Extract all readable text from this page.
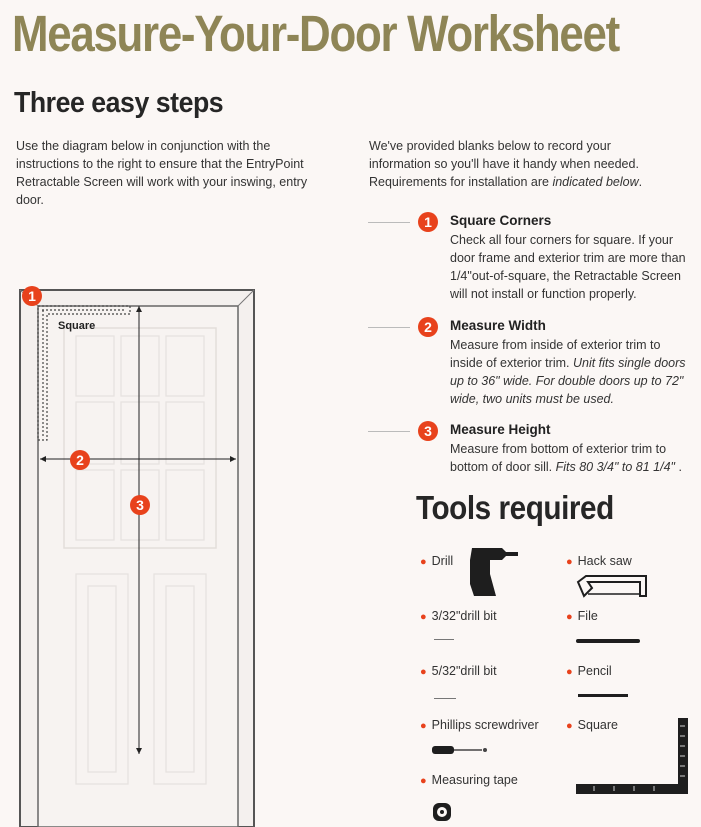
Measure-Your-Door Worksheet
Three easy steps
Use the diagram below in conjunction with the instructions to the right to ensure that the EntryPoint Retractable Screen will work with your inswing, entry door.
We've provided blanks below to record your information so you'll have it handy when needed. Requirements for installation are indicated below.
1
Square
2
3
1	Square Corners
Check all four corners for square. If your door frame and exterior trim are more than 1/4"out-of-square, the Retractable Screen will not install or function properly.
2	Measure Width
Measure from inside of exterior trim to inside of exterior trim. Unit fits single doors up to 36" wide. For double doors up to 72" wide, two units must be used.
3	Measure Height
Measure from bottom of exterior trim to bottom of door sill. Fits 80 3/4" to 81 1/4" .
Tools required
● Drill	● Hack saw
● 3/32"drill bit	● File
● 5/32"drill bit	● Pencil
● Phillips screwdriver ● Square
● Measuring tape
